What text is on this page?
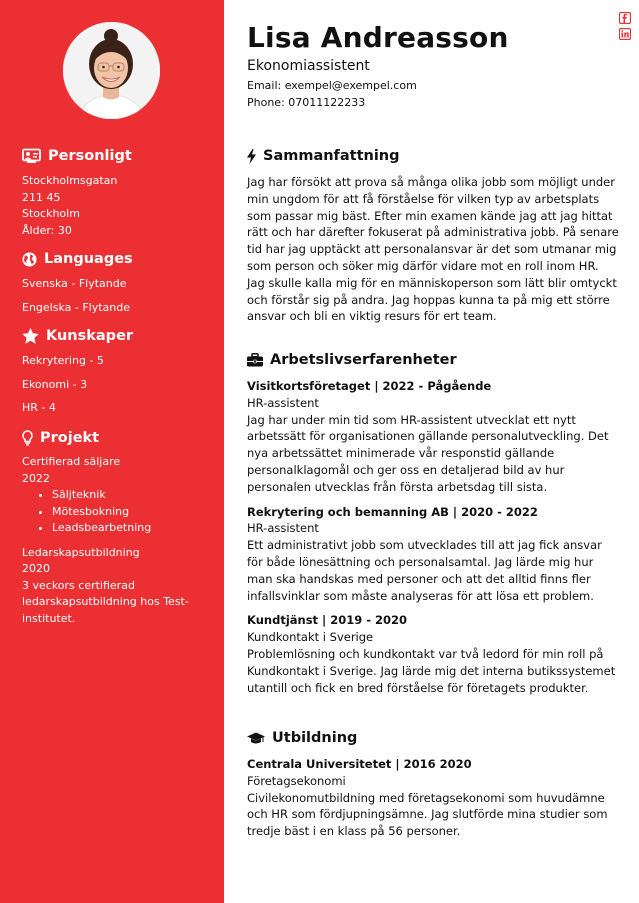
Personligt
Stockholmsgatan
211 45
Stockholm
Ålder: 30
Languages
Svenska - Flytande
Engelska - Flytande
Kunskaper
Rekrytering - 5
Ekonomi - 3
HR - 4
Projekt
Certifierad säljare
2022
• Säljteknik
• Mötesbokning
• Leadsbearbetning
Ledarskapsutbildning
2020
3 veckors certifierad ledarskapsutbildning hos Test-institutet.
Lisa Andreasson
Ekonomiassistent
Email: exempel@exempel.com
Phone: 07011122233
Sammanfattning
Jag har försökt att prova så många olika jobb som möjligt under min ungdom för att få förståelse för vilken typ av arbetsplats som passar mig bäst. Efter min examen kände jag att jag hittat rätt och har därefter fokuserat på administrativa jobb. På senare tid har jag upptäckt att personalansvar är det som utmanar mig som person och söker mig därför vidare mot en roll inom HR. Jag skulle kalla mig för en människoperson som lätt blir omtyckt och förstår sig på andra. Jag hoppas kunna ta på mig ett större ansvar och bli en viktig resurs för ert team.
Arbetslivserfarenheter
Visitkortsföretaget | 2022 - Pågående
HR-assistent
Jag har under min tid som HR-assistent utvecklat ett nytt arbetssätt för organisationen gällande personalutveckling. Det nya arbetssättet minimerade vår responstid gällande personalklagomål och ger oss en detaljerad bild av hur personalen utvecklas från första arbetsdag till sista.
Rekrytering och bemanning AB | 2020 - 2022
HR-assistent
Ett administrativt jobb som utvecklades till att jag fick ansvar för både lönesättning och personalsamtal. Jag lärde mig hur man ska handskas med personer och att det alltid finns fler infallsvinklar som måste analyseras för att lösa ett problem.
Kundtjänst | 2019 - 2020
Kundkontakt i Sverige
Problemlösning och kundkontakt var två ledord för min roll på Kundkontakt i Sverige. Jag lärde mig det interna butikssystemet utantill och fick en bred förståelse för företagets produkter.
Utbildning
Centrala Universitetet | 2016 2020
Företagsekonomi
Civilekonomutbildning med företagsekonomi som huvudämne och HR som fördjupningsämne. Jag slutförde mina studier som tredje bäst i en klass på 56 personer.
